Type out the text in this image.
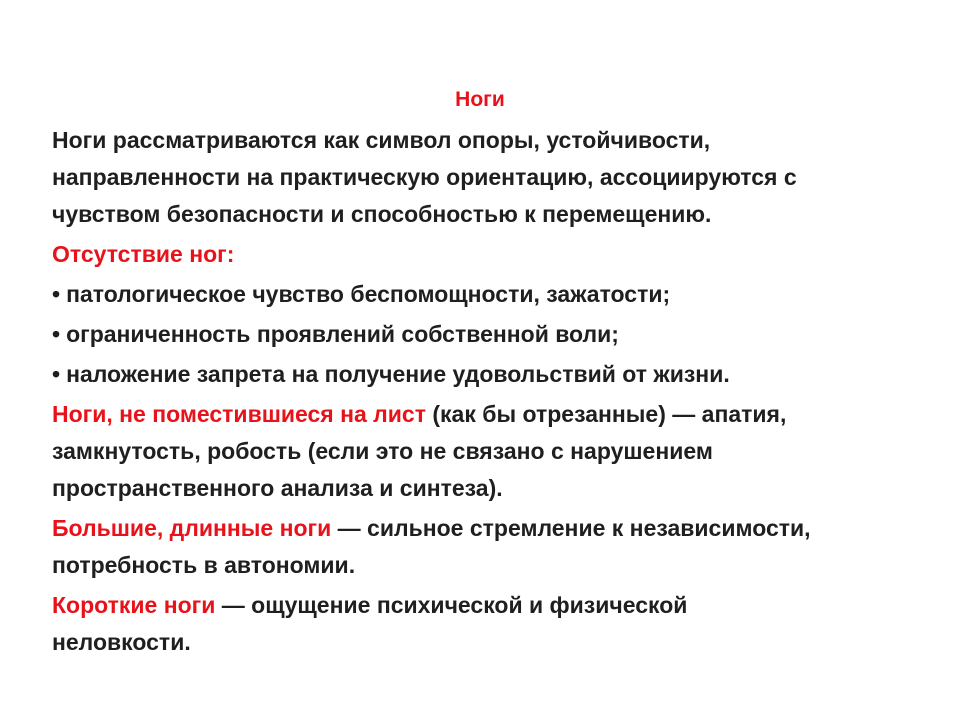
Ноги
Ноги рассматриваются как символ опоры, устойчивости,
направленности на практическую ориентацию, ассоциируются с
чувством безопасности и способностью к перемещению.
Отсутствие ног:
• патологическое чувство беспомощности, зажатости;
• ограниченность проявлений собственной воли;
• наложение запрета на получение удовольствий от жизни.
Ноги, не поместившиеся на лист (как бы отрезанные) — апатия,
замкнутость, робость (если это не связано с нарушением
пространственного анализа и синтеза).
Большие, длинные ноги — сильное стремление к независимости,
потребность в автономии.
Короткие ноги — ощущение психической и физической
неловкости.
